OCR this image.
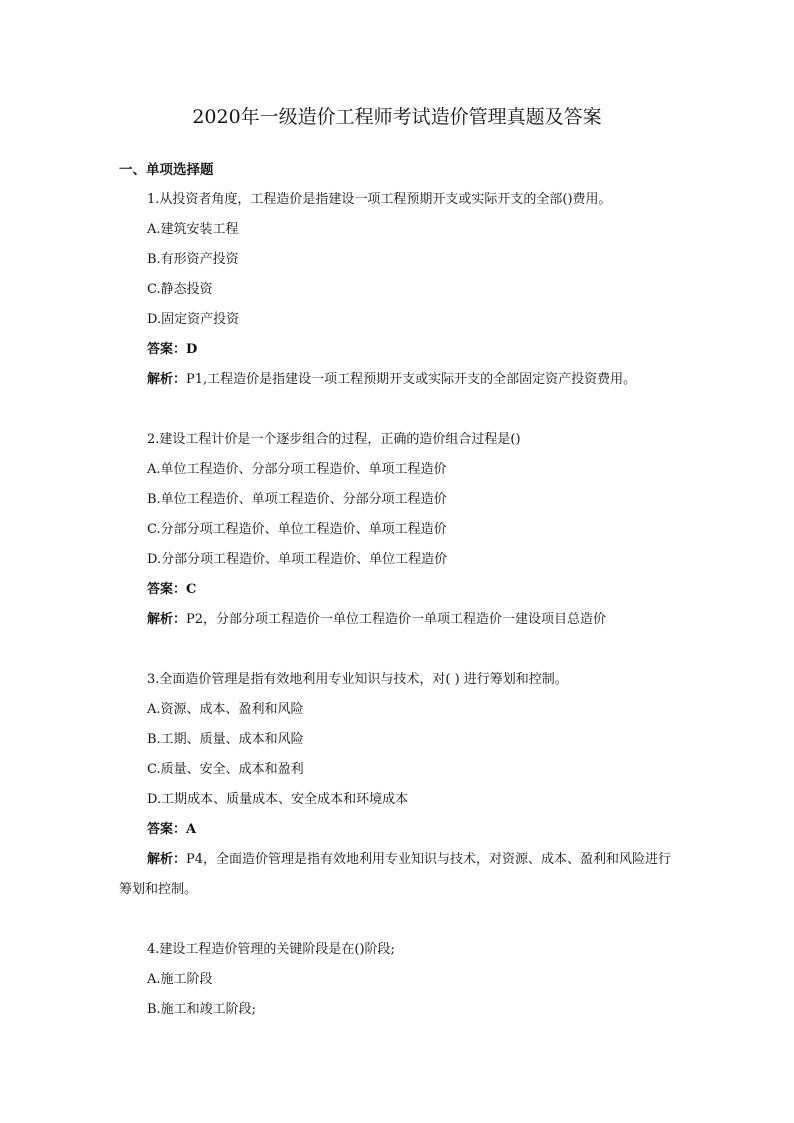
2020年一级造价工程师考试造价管理真题及答案
一、单项选择题
1.从投资者角度，工程造价是指建设一项工程预期开支或实际开支的全部()费用。
A.建筑安装工程
B.有形资产投资
C.静态投资
D.固定资产投资
答案：D
解析：P1,工程造价是指建设一项工程预期开支或实际开支的全部固定资产投资费用。
2.建设工程计价是一个逐步组合的过程，正确的造价组合过程是()
A.单位工程造价、分部分项工程造价、单项工程造价
B.单位工程造价、单项工程造价、分部分项工程造价
C.分部分项工程造价、单位工程造价、单项工程造价
D.分部分项工程造价、单项工程造价、单位工程造价
答案：C
解析：P2，分部分项工程造价一单位工程造价一单项工程造价一建设项目总造价
3.全面造价管理是指有效地利用专业知识与技术，对( ) 进行筹划和控制。
A.资源、成本、盈利和风险
B.工期、质量、成本和风险
C.质量、安全、成本和盈利
D.工期成本、质量成本、安全成本和环境成本
答案：A
解析：P4，全面造价管理是指有效地利用专业知识与技术，对资源、成本、盈利和风险进行筹划和控制。
4.建设工程造价管理的关键阶段是在()阶段;
A.施工阶段
B.施工和竣工阶段;
